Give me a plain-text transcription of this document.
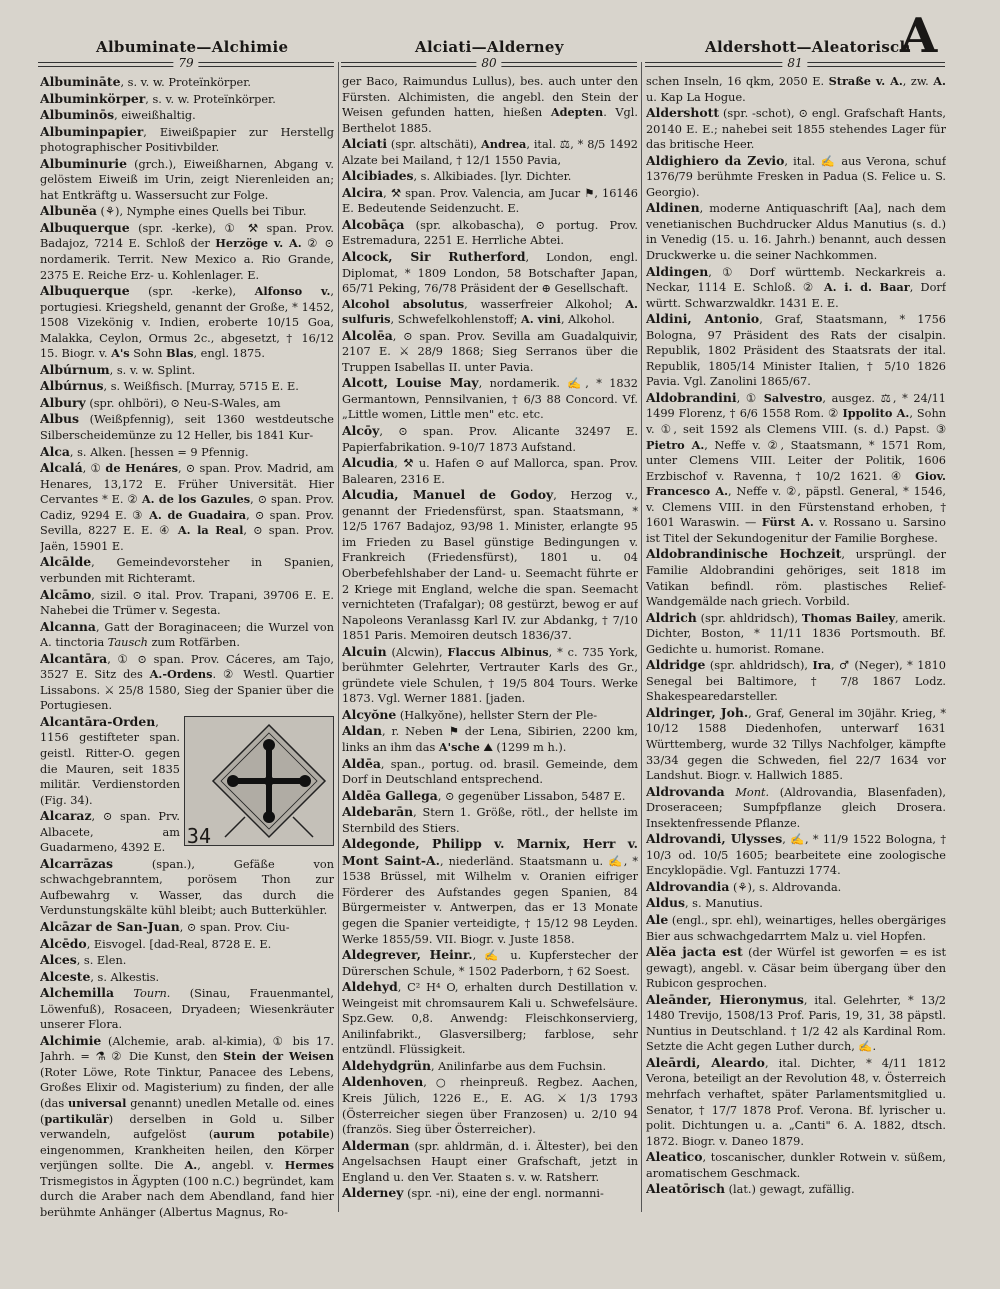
A
Albuminate—Alchimie	Alciati—Alderney	Aldershott—Aleatorisch
79	80	81

Albumināte, s. v. w. Proteïnkörper.

Albuminkörper, s. v. w. Proteïnkörper.

Albuminōs, eiweißhaltig.

Albuminpapier, Eiweißpapier zur Herstellg photographischer Positivbilder.

Albuminurie (grch.), Eiweißharnen, Abgang v. gelöstem Eiweiß im Urin, zeigt Nierenleiden an; hat Entkräftg u. Wassersucht zur Folge.

Albunĕa (⚘), Nymphe eines Quells bei Tibur.

Albuquerque (spr. -kerke), ① ⚒ span. Prov. Badajoz, 7214 E. Schloß der Herzöge v. A. ② ⊙ nordamerik. Territ. New Mexico a. Rio Grande, 2375 E. Reiche Erz- u. Kohlenlager. E.

Albuquerque (spr. -kerke), Alfonso v., portugiesi. Kriegsheld, genannt der Große, * 1452, 1508 Vizekönig v. Indien, eroberte 10/15 Goa, Malakka, Ceylon, Ormus 2c., abgesetzt, † 16/12 15. Biogr. v. A's Sohn Blas, engl. 1875.

Albúrnum, s. v. w. Splint.

Albúrnus, s. Weißfisch. [Murray, 5715 E. E.

Albury (spr. ohlböri), ⊙ Neu-S-Wales, am

Albus (Weißpfennig), seit 1360 westdeutsche Silberscheidemünze zu 12 Heller, bis 1841 Kur-

Alca, s. Alken. [hessen = 9 Pfennig.

Alcalá, ① de Henáres, ⊙ span. Prov. Madrid, am Henares, 13,172 E. Früher Universität. Hier Cervantes * E. ② A. de los Gazules, ⊙ span. Prov. Cadiz, 9294 E. ③ A. de Guadaira, ⊙ span. Prov. Sevilla, 8227 E. E. ④ A. la Real, ⊙ span. Prov. Jaën, 15901 E.

Alcālde, Gemeindevorsteher in Spanien, verbunden mit Richteramt.

Alcāmo, sizil. ⊙ ital. Prov. Trapani, 39706 E. E. Nahebei die Trümer v. Segesta.

Alcanna, Gatt der Boraginaceen; die Wurzel von A. tinctoria Tausch zum Rotfärben.

Alcantāra, ① ⊙ span. Prov. Cáceres, am Tajo, 3527 E. Sitz des A.-Ordens. ② Westl. Quartier Lissabons. ⚔ 25/8 1580, Sieg der Spanier über die Portugiesen.

34

Alcantāra-Orden, 1156 gestifteter span. geistl. Ritter-O. gegen die Mauren, seit 1835 militär. Verdienstorden (Fig. 34).

Alcaraz, ⊙ span. Prv. Albacete, am Guadarmeno, 4392 E.

Alcarrāzas (span.), Gefäße von schwachgebranntem, porösem Thon zur Aufbewahrg v. Wasser, das durch die Verdunstungskälte kühl bleibt; auch Butterkühler.

Alcāzar de San-Juan, ⊙ span. Prov. Ciu-

Alcēdo, Eisvogel. [dad-Real, 8728 E. E.

Alces, s. Elen.

Alceste, s. Alkestis.

Alchemilla Tourn. (Sinau, Frauenmantel, Löwenfuß), Rosaceen, Dryadeen; Wiesenkräuter unserer Flora.

Alchimie (Alchemie, arab. al-kimia), ① bis 17. Jahrh. = ⚗ ② Die Kunst, den Stein der Weisen (Roter Löwe, Rote Tinktur, Panacee des Lebens, Großes Elixir od. Magisterium) zu finden, der alle (das universal genannt) unedlen Metalle od. eines (partikulär) derselben in Gold u. Silber verwandeln, aufgelöst (aurum potabile) eingenommen, Krankheiten heilen, den Körper verjüngen sollte. Die A., angebl. v. Hermes Trismegistos in Ägypten (100 n.C.) begründet, kam durch die Araber nach dem Abendland, fand hier berühmte Anhänger (Albertus Magnus, Ro-

ger Baco, Raimundus Lullus), bes. auch unter den Fürsten. Alchimisten, die angebl. den Stein der Weisen gefunden hatten, hießen Adepten. Vgl. Berthelot 1885.

Alciati (spr. altschäti), Andrea, ital. ⚖, * 8/5 1492 Alzate bei Mailand, † 12/1 1550 Pavia,

Alcibiades, s. Alkibiades. [lyr. Dichter.

Alcira, ⚒ span. Prov. Valencia, am Jucar ⚑, 16146 E. Bedeutende Seidenzucht. E.

Alcobāça (spr. alkobascha), ⊙ portug. Prov. Estremadura, 2251 E. Herrliche Abtei.

Alcock, Sir Rutherford, London, engl. Diplomat, * 1809 London, 58 Botschafter Japan, 65/71 Peking, 76/78 Präsident der ⊕ Gesellschaft.

Alcohol absolutus, wasserfreier Alkohol; A. sulfuris, Schwefelkohlenstoff; A. vini, Alkohol.

Alcolēa, ⊙ span. Prov. Sevilla am Guadalquivir, 2107 E. ⚔ 28/9 1868; Sieg Serranos über die Truppen Isabellas II. unter Pavia.

Alcott, Louise May, nordamerik. ✍, * 1832 Germantown, Pennsilvanien, † 6/3 88 Concord. Vf. „Little women, Little men" etc. etc.

Alcōy, ⊙ span. Prov. Alicante 32497 E. Papierfabrikation. 9-10/7 1873 Aufstand.

Alcudia, ⚒ u. Hafen ⊙ auf Mallorca, span. Prov. Balearen, 2316 E.

Alcudia, Manuel de Godoy, Herzog v., genannt der Friedensfürst, span. Staatsmann, * 12/5 1767 Badajoz, 93/98 1. Minister, erlangte 95 im Frieden zu Basel günstige Bedingungen v. Frankreich (Friedensfürst), 1801 u. 04 Oberbefehlshaber der Land- u. Seemacht führte er 2 Kriege mit England, welche die span. Seemacht vernichteten (Trafalgar); 08 gestürzt, bewog er auf Napoleons Veranlassg Karl IV. zur Abdankg, † 7/10 1851 Paris. Memoiren deutsch 1836/37.

Alcuin (Alcwin), Flaccus Albinus, * c. 735 York, berühmter Gelehrter, Vertrauter Karls des Gr., gründete viele Schulen, † 19/5 804 Tours. Werke 1873. Vgl. Werner 1881. [jaden.

Alcyŏne (Halkyŏne), hellster Stern der Ple-

Aldan, r. Neben ⚑ der Lena, Sibirien, 2200 km, links an ihm das A'sche ⛰ (1299 m h.).

Aldēa, span., portug. od. brasil. Gemeinde, dem Dorf in Deutschland entsprechend.

Aldēa Gallega, ⊙ gegenüber Lissabon, 5487 E.

Aldebarān, Stern 1. Größe, rötl., der hellste im Sternbild des Stiers.

Aldegonde, Philipp v. Marnix, Herr v. Mont Saint-A., niederländ. Staatsmann u. ✍, * 1538 Brüssel, mit Wilhelm v. Oranien eifriger Förderer des Aufstandes gegen Spanien, 84 Bürgermeister v. Antwerpen, das er 13 Monate gegen die Spanier verteidigte, † 15/12 98 Leyden. Werke 1855/59. VII. Biogr. v. Juste 1858.

Aldegrever, Heinr., ✍ u. Kupferstecher der Dürerschen Schule, * 1502 Paderborn, † 62 Soest.

Aldehyd, C² H⁴ O, erhalten durch Destillation v. Weingeist mit chromsaurem Kali u. Schwefelsäure. Spz.Gew. 0,8. Anwendg: Fleischkonservierg, Anilinfabrikt., Glasversilberg; farblose, sehr entzündl. Flüssigkeit.

Aldehydgrün, Anilinfarbe aus dem Fuchsin.

Aldenhoven, ○ rheinpreuß. Regbez. Aachen, Kreis Jülich, 1226 E., E. AG. ⚔ 1/3 1793 (Österreicher siegen über Franzosen) u. 2/10 94 (französ. Sieg über Österreicher).

Alderman (spr. ahldrmän, d. i. Ältester), bei den Angelsachsen Haupt einer Grafschaft, jetzt in England u. den Ver. Staaten s. v. w. Ratsherr.

Alderney (spr. -ni), eine der engl. normanni-

schen Inseln, 16 qkm, 2050 E. Straße v. A., zw. A. u. Kap La Hogue.

Aldershott (spr. -schot), ⊙ engl. Grafschaft Hants, 20140 E. E.; nahebei seit 1855 stehendes Lager für das britische Heer.

Aldighiero da Zevio, ital. ✍ aus Verona, schuf 1376/79 berühmte Fresken in Padua (S. Felice u. S. Georgio).

Aldinen, moderne Antiquaschrift [Aa], nach dem venetianischen Buchdrucker Aldus Manutius (s. d.) in Venedig (15. u. 16. Jahrh.) benannt, auch dessen Druckwerke u. die seiner Nachkommen.

Aldingen, ① Dorf württemb. Neckarkreis a. Neckar, 1114 E. Schloß. ② A. i. d. Baar, Dorf württ. Schwarzwaldkr. 1431 E. E.

Aldini, Antonio, Graf, Staatsmann, * 1756 Bologna, 97 Präsident des Rats der cisalpin. Republik, 1802 Präsident des Staatsrats der ital. Republik, 1805/14 Minister Italien, † 5/10 1826 Pavia. Vgl. Zanolini 1865/67.

Aldobrandini, ① Salvestro, ausgez. ⚖, * 24/11 1499 Florenz, † 6/6 1558 Rom. ② Ippolito A., Sohn v. ①, seit 1592 als Clemens VIII. (s. d.) Papst. ③ Pietro A., Neffe v. ②, Staatsmann, * 1571 Rom, unter Clemens VIII. Leiter der Politik, 1606 Erzbischof v. Ravenna, † 10/2 1621. ④ Giov. Francesco A., Neffe v. ②, päpstl. General, * 1546, v. Clemens VIII. in den Fürstenstand erhoben, † 1601 Waraswin. — Fürst A. v. Rossano u. Sarsino ist Titel der Sekundogenitur der Familie Borghese.

Aldobrandinische Hochzeit, ursprüngl. der Familie Aldobrandini gehöriges, seit 1818 im Vatikan befindl. röm. plastisches Relief-Wandgemälde nach griech. Vorbild.

Aldrich (spr. ahldridsch), Thomas Bailey, amerik. Dichter, Boston, * 11/11 1836 Portsmouth. Bf. Gedichte u. humorist. Romane.

Aldridge (spr. ahldridsch), Ira, ♂ (Neger), * 1810 Senegal bei Baltimore, † 7/8 1867 Lodz. Shakespearedarsteller.

Aldringer, Joh., Graf, General im 30jähr. Krieg, * 10/12 1588 Diedenhofen, unterwarf 1631 Württemberg, wurde 32 Tillys Nachfolger, kämpfte 33/34 gegen die Schweden, fiel 22/7 1634 vor Landshut. Biogr. v. Hallwich 1885.

Aldrovanda Mont. (Aldrovandia, Blasenfaden), Droseraceen; Sumpfpflanze gleich Drosera. Insektenfressende Pflanze.

Aldrovandi, Ulysses, ✍, * 11/9 1522 Bologna, † 10/3 od. 10/5 1605; bearbeitete eine zoologische Encyklopädie. Vgl. Fantuzzi 1774.

Aldrovandia (⚘), s. Aldrovanda.

Aldus, s. Manutius.

Ale (engl., spr. ehl), weinartiges, helles obergäriges Bier aus schwachgedarrtem Malz u. viel Hopfen.

Alĕa jacta est (der Würfel ist geworfen = es ist gewagt), angebl. v. Cäsar beim übergang über den Rubicon gesprochen.

Aleānder, Hieronymus, ital. Gelehrter, * 13/2 1480 Trevijo, 1508/13 Prof. Paris, 19, 31, 38 päpstl. Nuntius in Deutschland. † 1/2 42 als Kardinal Rom. Setzte die Acht gegen Luther durch, ✍.

Aleārdi, Aleardo, ital. Dichter, * 4/11 1812 Verona, beteiligt an der Revolution 48, v. Österreich mehrfach verhaftet, später Parlamentsmitglied u. Senator, † 17/7 1878 Prof. Verona. Bf. lyrischer u. polit. Dichtungen u. a. „Canti" 6. A. 1882, dtsch. 1872. Biogr. v. Daneo 1879.

Aleatico, toscanischer, dunkler Rotwein v. süßem, aromatischem Geschmack.

Aleatōrisch (lat.) gewagt, zufällig.
